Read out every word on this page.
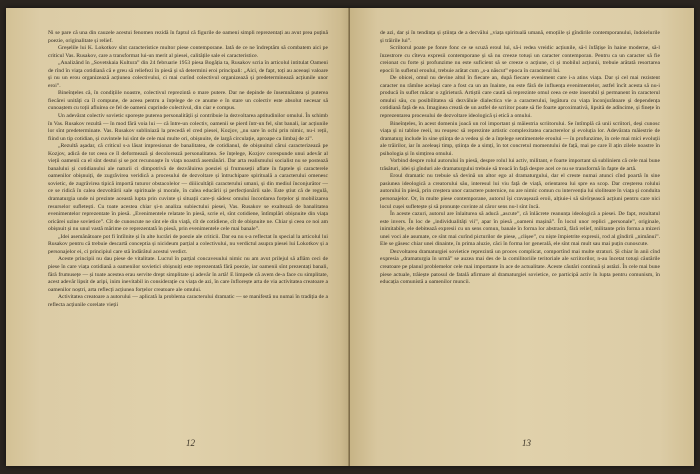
Ni se pare că una din cauzele acestui fenomen rezidă în faptul că figurile de oameni simpli reprezentați au avut prea puțină poezie, originalitate și relief.

Greșelile lui K. Lokotkov sînt caracteristice multor piese contemporane. Iată de ce ne îndreptăm să combatem aici pe criticul Vas. Rusakov, care a transformat lui-un merit al piesei, calitățile sale ei caracteristice.

„Analizând în „Sovetskaia Kultura” din 24 februarie 1953 piesa Bogăția ta, Rusakov scria în articolul intitulat Oameni de rînd în viața cotidiană că e greu să reliefezi în piesă și să determini eroi principali: „Aici, de fapt, toți au aceeași valoare și nu un erou organizează acțiunea colectivului, ci mai curînd colectivul organizează și predeterminează acțiunile unor eroi”.

Bineînțeles că, în condițiile noastre, colectivul reprezintă o mare putere. Dar ne depinde de însemnătatea și puterea fiecărei unități ca îl compune, de aceea pentru a înțelege de ce anume e în stare un colectiv este absolut necesar să cunoaștem cu toții afluirea ce fel de oameni cuprinde colectivul, din ciar e compus.

Un adevărat colectiv sovietic sporește puterea personalității și contribuie la dezvoltarea aptitudinilor omului. În schimb în Vas. Rusakov rezultă — în mod fără voia lui — că între-un colectiv, oamenii se pierd într-un fel, sînt banali, iar acțiunile lor sînt predeterminate. Vas. Rusakov subliniază la precedă el cred piesei, Kozjov, „nu sare în ochi prin nimic, nu-i reții, fiind un tip cotidian, și cuvintele lui sînt de cele mai multe ori, obișnuite, de largă circulație, aproape ca limbaj de zi”.

„Rezultă așadar, că criticul s-a lăsat impresionat de banalitatea, de cotidianul, de obișnuitul cărui caracterizează pe Kozjov, adică de tot ceea ce îl deformează și decolorează personalitatea. Se înțelege, Kozjov corespunde unui adevăr al vieții oamenii ca el sînt destui și se pot recunoaște în viața noastră asemănări. Dar arta realismului socialist nu se postează banalului și cotidianului ale naturii ci dimpotrivă de dezvăluirea poeziei și frumuseții aflate în faptele și caracterele oamenilor obișnuiți, de zugrăvirea veridică a procesului de dezvoltare și întruchipare spirituală a caracterului omenesc sovietic, de zugrăvirea tipică importă tuturor obstacolelor — diiiicultății caracterului umani, și din mediul înconjurător — ce se ridică în calea dezvoltării sale spirituale și morale, în calea educării și perfecționării sale. Este știut că de regulă, dramaturgia unde ni prezinte această lupta prin cuvinte și situații care-ți sădesc omului încordarea forțelor și mobilizarea resurselor sufletești. Cu toate acestea chiar și-n analiza subiectului piesei, Vas. Rusakov se exaltează de banalitatea evenimentelor reprezentate în piesă. „Evenimentele relatate în piesă, scrie el, sînt cotidiene, întîmplări obișnuite din viața oricărei uzine sovietice”. Cît de cunoscute ne sînt ele din viață, cît de cotidiene, cît de obișnuite ne. Chiar și ceea ce noi am obișnuit și nu unul vastă mărime ce reprezentată în piesă, prin evenimentele cele mai banale”.

„Idei asemănătoare pot fi întîlnite și în alte lucrări de poezie ale criticii. Dar ea nu s-a reflectat în special la articolul lui Rusakov pentru că trebuie descartă conceptia și nicideum parțial a colectivului, nu verdictul asupra piesei lui Lokotkov și a personajelor ei, ci principiul care stă îndărătul acestui verdict.

Aceste principii nu dau piese de vitalitate. Lucrul în parțial concaveuului nimic nu am avut prilejul să aflăm ceci de piese în care viața cotidiană a oamenilor sovietici obișnuiți este reprezentată fără poezie, iar oamenii sînt prezentați banali, fără frumusețe — și toate acestea erau servite drept simplitate și adevăr în artă! E limpede că avem de-a face cu simplitate, acest adevăr lipsit de aripi, inim inevitabil in considerație cu viața de azi, în care înflorește arta de via activitatea creatoare a oamenilor noștri, arta reflecți acțiunea forțelor creatoare ale omului.

Activitatea creatoare a autorului — aplicată la problema caracterului dramatic — se manifestă nu numai în tradiția de a reflecta acțiunile corelate vieții

12

de azi, dar și în tendința și știința de a decvălui „viața spirituală umană, emoțiile și gîndirile contemporanului, îndoielurile și trăirile lui”.

Scriitorul poate pe fonre fonc ce se scuză eroul lui, să-i redea vreidic acțiunile, să-l înfățișe în haine moderne, să-l înzestrore cu cîteva expresii contemporane și să nu creeze totuși un caracter contemporan. Pentru ca un caracter să fie creionat cu forte și profunzime nu este suficient să se creeze o acțiune, ci și mobilul acțiunii, trebuie arătată resortarea epocii în sufletul eroului, trebuie arătat cum „s-a născut” epoca în caracterul lui.

De obicei, omul nu devine altul în fiecare an, după fiecare eveniment care i-a atins viața. Dar și cel mai rezistent caracter nu rămîne același care a fost ca un an înainte, nu este fără de influența evenimentelor, astfel încît acesta să nu-i producă în suflet măcar o zgîrietură. Artiștii care caută să reprezinte omul ceea ce este inserabil și permanent în caracterul omului său, cu posibilitatea să dezvăluie dialectica vie a caracterului, legătura cu viața înconjurătoare și dependența cotidiană față de ea. Imaginea creată de un astfel de scriitor poate să fie foarte aproximativă, lipsită de adîncime, și finețe în reprezentarea procesului de dezvoltare ideologică și etică a omului.

Bineînțeles, în acest domeniu joacă un rol important și măiestria scriitorului. Se întîmplă că unii scriitori, deși cunosc viața și ni tabloe reeii, nu reușesc să reprezinte artistic complexitatea caracterelor și evoluția lor. Adevărata măiestrie de dramaturg include în sine știința de a vedea și de a înțelege sentimentele eroului — în profunzime, în cele mai mici evoluții ale trăirilor, iar în aceleași timp, știința de a simți, în tot concretul momentului de față, mai pe care îl ațin zilele noastre în psihologia și în simțirea omului.

Vorbind despre rolul autorului în piesă, despre rolul lui activ, militant, e foarte important să subliniem că cele mai bune trăsături, idei și gînduri ale dramaturgului trebuie să treacă în față despre acel ce nu se transformă în fapte de artă.

Eroul dramatic nu trebuie să devină un altor ego al dramaturgului, dar el creste numai atunci cînd poartă în sine pasiunea ideologică a creatorului său, interesul lui viu față de viață, orientarea lui spre ea scop. Dar creșterea rolului autorului în piesă, prin creștera unor caractere puternice, nu are nimic comun cu intervenția lui sloliteare în viața și conduita personajelor. Or, în multe piese contemporane, autorul își cravașează eroii, alțiuie-i să săvîrșească acțiuni pentru care nici locul cușei sufletește și să pronunțe cuvinte al căror sens nu-l sînt încă.

În aceste cazuri, autorul are înlaiturea să aducă „ascute”, că înlăcrete reanunța ideologică a piesei. De fapt, rezultatul este invers. În loc de „individualități vii”, apar în piesă „oameni mașină”. În locul unor replici „personale”, originale, inimitabile, ele debitează expresii cu un sens comun, banale în forma lor abstractă, fără relief, militante prin forma a mizeri unei voci ale asumate, ce sînt mai curînd picturilor de piese, „clișee”, cu niște împietrite expresii, rod al gîndirii „nimănui”. Ele se găsesc chiar unei dinainte, în prima aluzie, căci în forma lor generală, ele sînt mai mult sau mai puțin cunoscute.

Dezvoltarea dramaturgiei sovietice reprezintă un proces complicat, comportînd mai multe straturi. Și chiar în anii cînd expresia „dramaturgia în urmă” se auzea mai des de la comilitoriile teritoriale ale scriitorilor, n-au încetat totuși căutările creatoare pe planul problemelor cele mai importante în ace de actualitate. Aceste căutări continuă și astăzi. În cele mai bune piese actuale, trăiește patosul de fatală afirmare al dramaturgiei sovietice, ce participă activ în lupta pentru comunism, în educația comunistă a oamenilor muncii.

13
